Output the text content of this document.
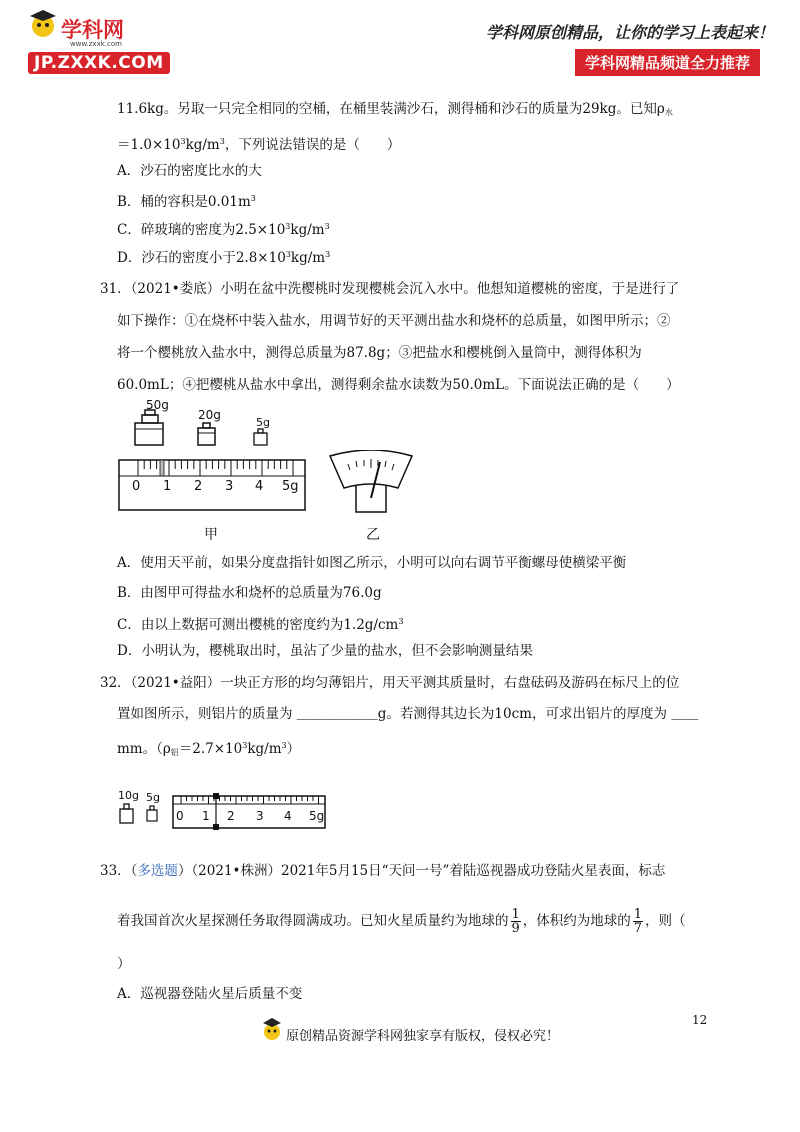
学科网
www.zxxk.com
JP.ZXXK.COM
学科网原创精品，让你的学习上表起来！
学科网精品频道全力推荐
11.6kg。另取一只完全相同的空桶，在桶里装满沙石，测得桶和沙石的质量为29kg。已知$\rho_水$
$=1.0\times 10^3kg/m^3$，下列说法错误的是（　　）
A．沙石的密度比水的大
B．桶的容积是$0.01m^3$
C．碎玻璃的密度为$2.5\times 10^3kg/m^3$
D．沙石的密度小于$2.8\times 10^3kg/m^3$
31．（2021•娄底）小明在盆中洗樱桃时发现樱桃会沉入水中。他想知道樱桃的密度，于是进行了
如下操作：①在烧杯中装入盐水，用调节好的天平测出盐水和烧杯的总质量，如图甲所示；②
将一个樱桃放入盐水中，测得总质量为87.8g；③把盐水和樱桃倒入量筒中，测得体积为
60.0mL；④把樱桃从盐水中拿出，测得剩余盐水读数为50.0mL。下面说法正确的是（　　）
50g
20g
5g
0 1 2 3 4 5g
甲	乙
A．使用天平前，如果分度盘指针如图乙所示，小明可以向右调节平衡螺母使横梁平衡
B．由图甲可得盐水和烧杯的总质量为76.0g
C．由以上数据可测出樱桃的密度约为$1.2g/cm^3$
D．小明认为，樱桃取出时，虽沾了少量的盐水，但不会影响测量结果
32．（2021•益阳）一块正方形的均匀薄铝片，用天平测其质量时，右盘砝码及游码在标尺上的位
置如图所示，则铝片的质量为 ＿＿＿＿＿＿g。若测得其边长为10cm，可求出铝片的厚度为 ＿＿
mm。$(\rho_铝=2.7\times 10^3kg/m^3)$
10g 5g
0 1 2 3 4 5g
33．（多选题）（2021•株洲）2021年5月15日“天问一号”着陆巡视器成功登陆火星表面，标志
着我国首次火星探测任务取得圆满成功。已知火星质量约为地球的 $\frac{1}{9}$ ，体积约为地球的 $\frac{1}{7}$ ，则（
）
A．巡视器登陆火星后质量不变
12
原创精品资源学科网独家享有版权，侵权必究！
